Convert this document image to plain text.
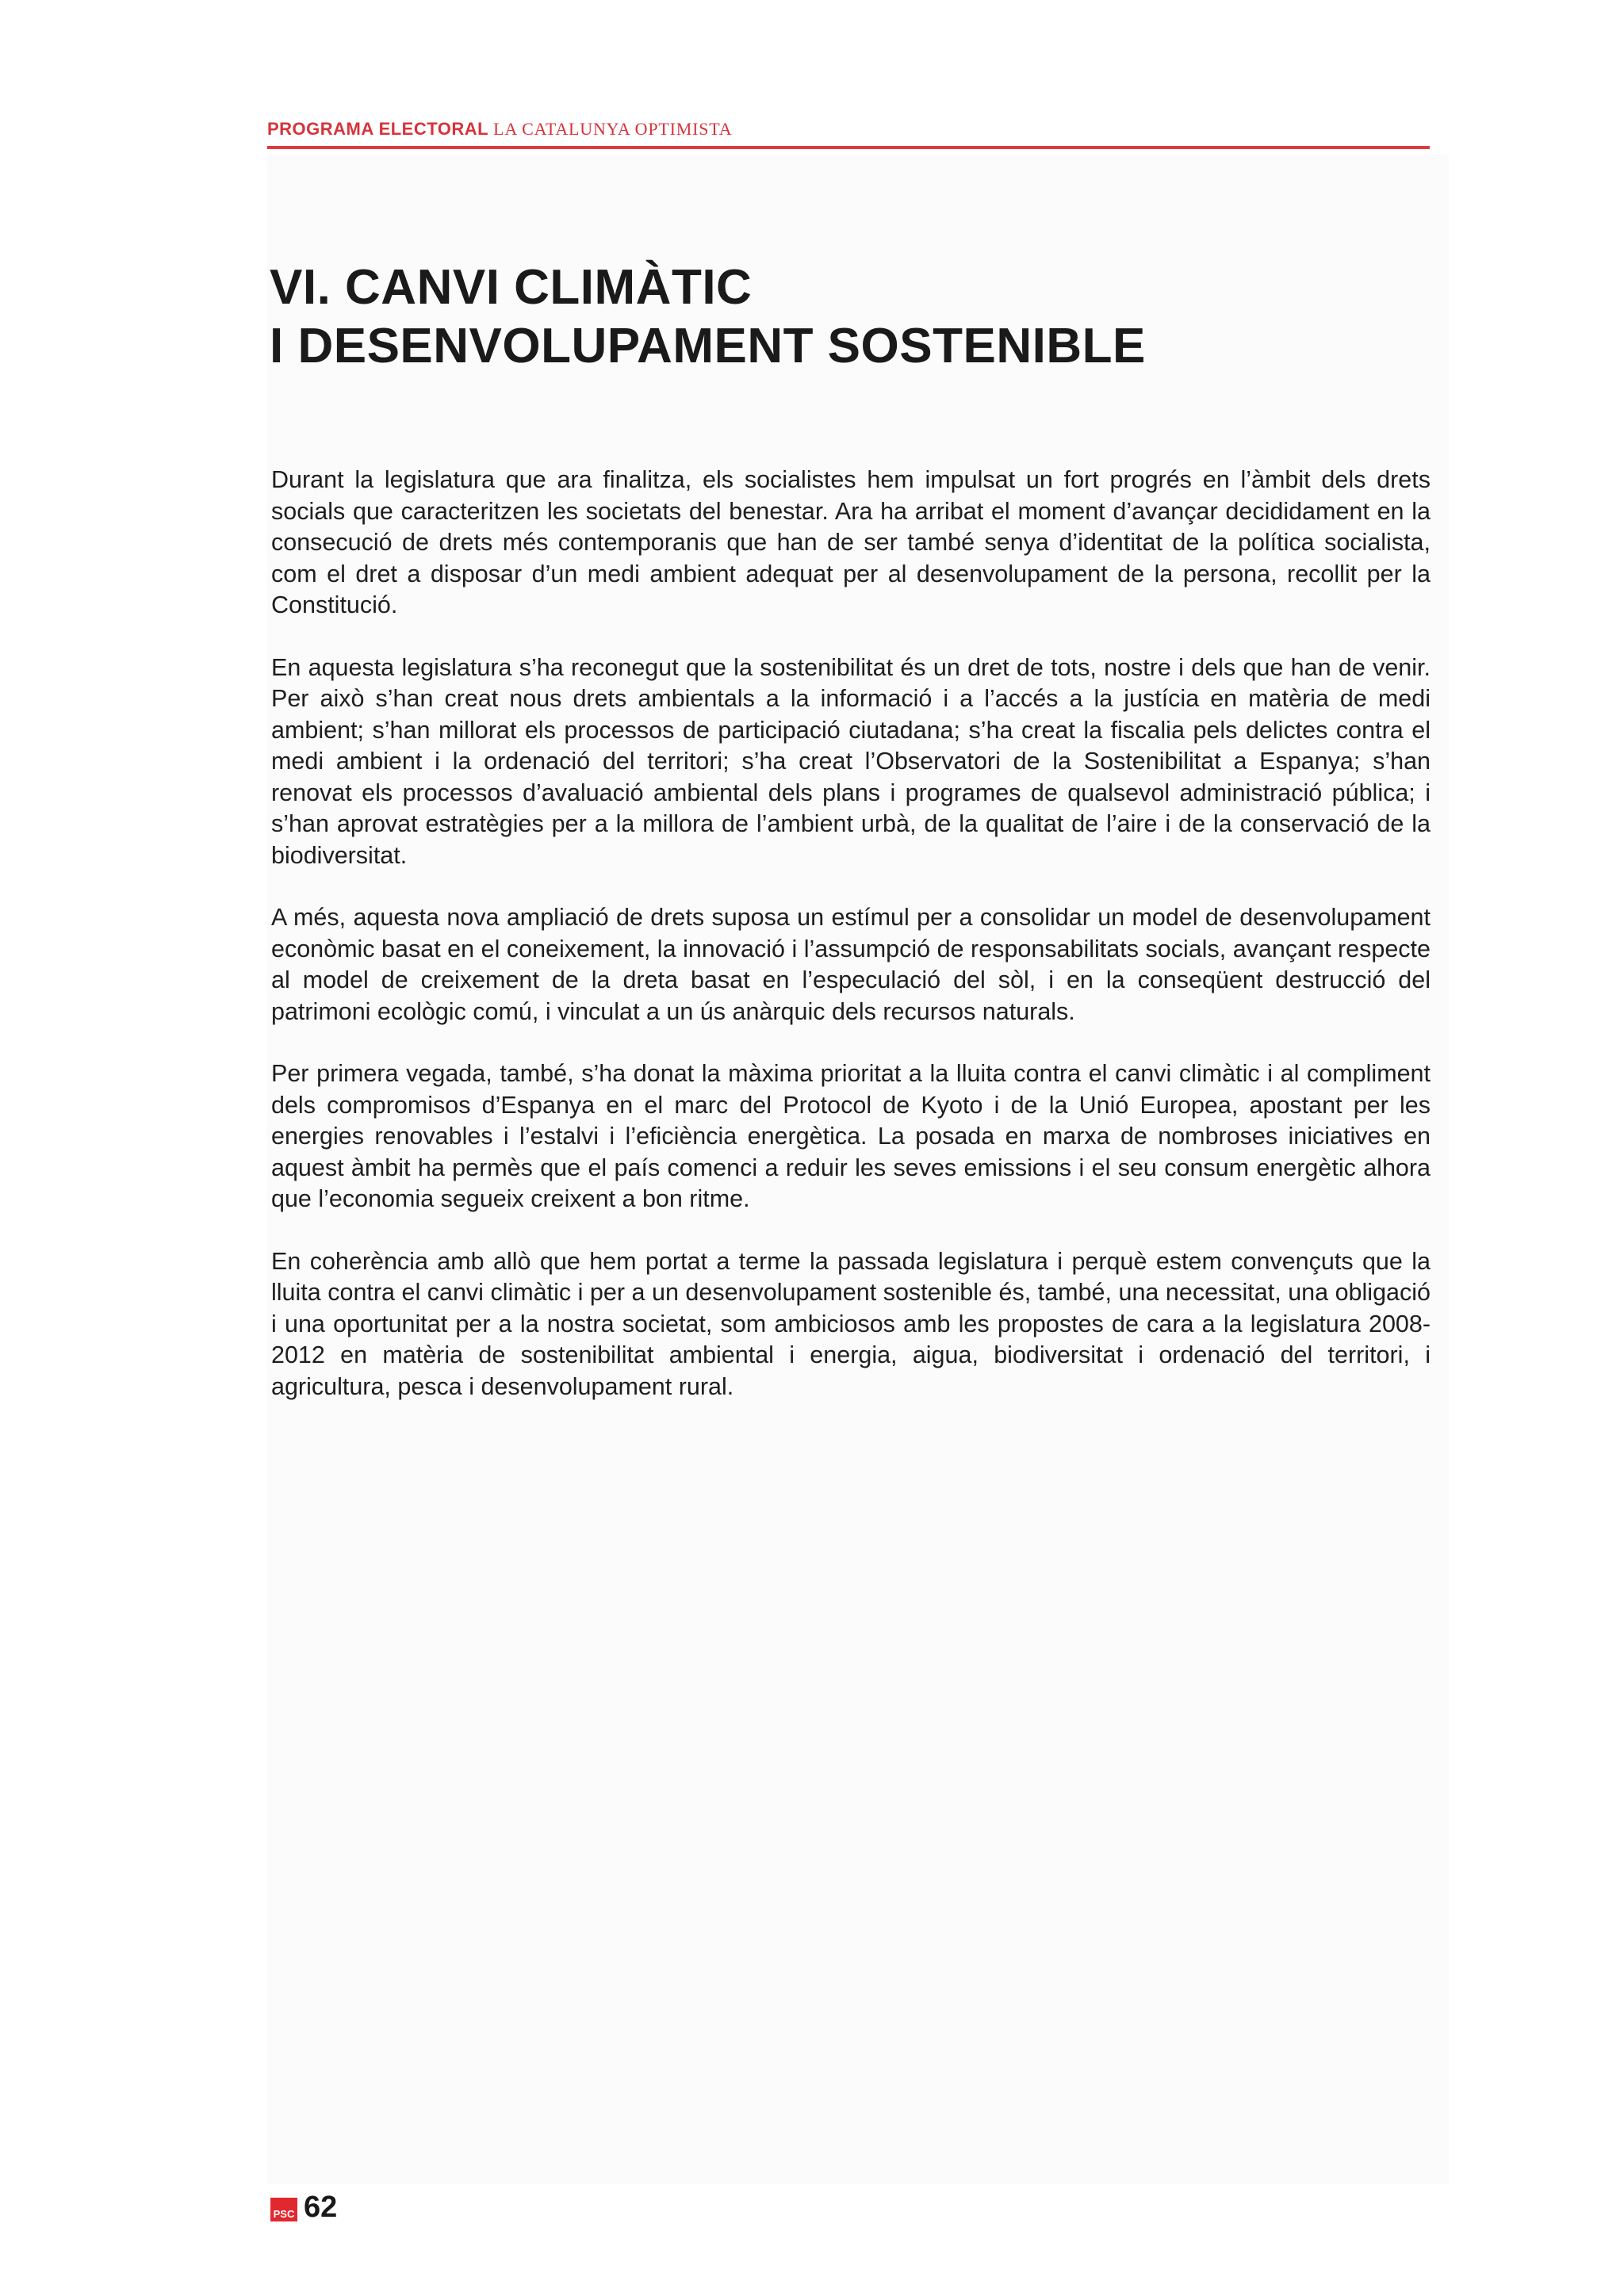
PROGRAMA ELECTORAL LA CATALUNYA OPTIMISTA
VI. CANVI CLIMÀTIC
I DESENVOLUPAMENT SOSTENIBLE

Durant la legislatura que ara finalitza, els socialistes hem impulsat un fort progrés en l’àmbit dels drets socials que caracteritzen les societats del benestar. Ara ha arribat el moment d’avançar decididament en la consecució de drets més contemporanis que han de ser també senya d’identitat de la política socialista, com el dret a disposar d’un medi ambient adequat per al desenvolupament de la persona, recollit per la Constitució.

En aquesta legislatura s’ha reconegut que la sostenibilitat és un dret de tots, nostre i dels que han de venir. Per això s’han creat nous drets ambientals a la informació i a l’accés a la justícia en matèria de medi ambient; s’han millorat els processos de participació ciutadana; s’ha creat la fiscalia pels delictes contra el medi ambient i la ordenació del territori; s’ha creat l’Observatori de la Sostenibilitat a Espanya; s’han renovat els processos d’avaluació ambiental dels plans i programes de qualsevol administració pública; i s’han aprovat estratègies per a la millora de l’ambient urbà, de la qualitat de l’aire i de la conservació de la biodiversitat.

A més, aquesta nova ampliació de drets suposa un estímul per a consolidar un model de desenvolupament econòmic basat en el coneixement, la innovació i l’assumpció de responsabilitats socials, avançant respecte al model de creixement de la dreta basat en l’especulació del sòl, i en la conseqüent destrucció del patrimoni ecològic comú, i vinculat a un ús anàrquic dels recursos naturals.

Per primera vegada, també, s’ha donat la màxima prioritat a la lluita contra el canvi climàtic i al compliment dels compromisos d’Espanya en el marc del Protocol de Kyoto i de la Unió Europea, apostant per les energies renovables i l’estalvi i l’eficiència energètica. La posada en marxa de nombroses iniciatives en aquest àmbit ha permès que el país comenci a reduir les seves emissions i el seu consum energètic alhora que l’economia segueix creixent a bon ritme.

En coherència amb allò que hem portat a terme la passada legislatura i perquè estem convençuts que la lluita contra el canvi climàtic i per a un desenvolupament sostenible és, també, una necessitat, una obligació i una oportunitat per a la nostra societat, som ambiciosos amb les propostes de cara a la legislatura 2008-2012 en matèria de sostenibilitat ambiental i energia, aigua, biodiversitat i ordenació del territori, i agricultura, pesca i desenvolupament rural.

PSC 62
